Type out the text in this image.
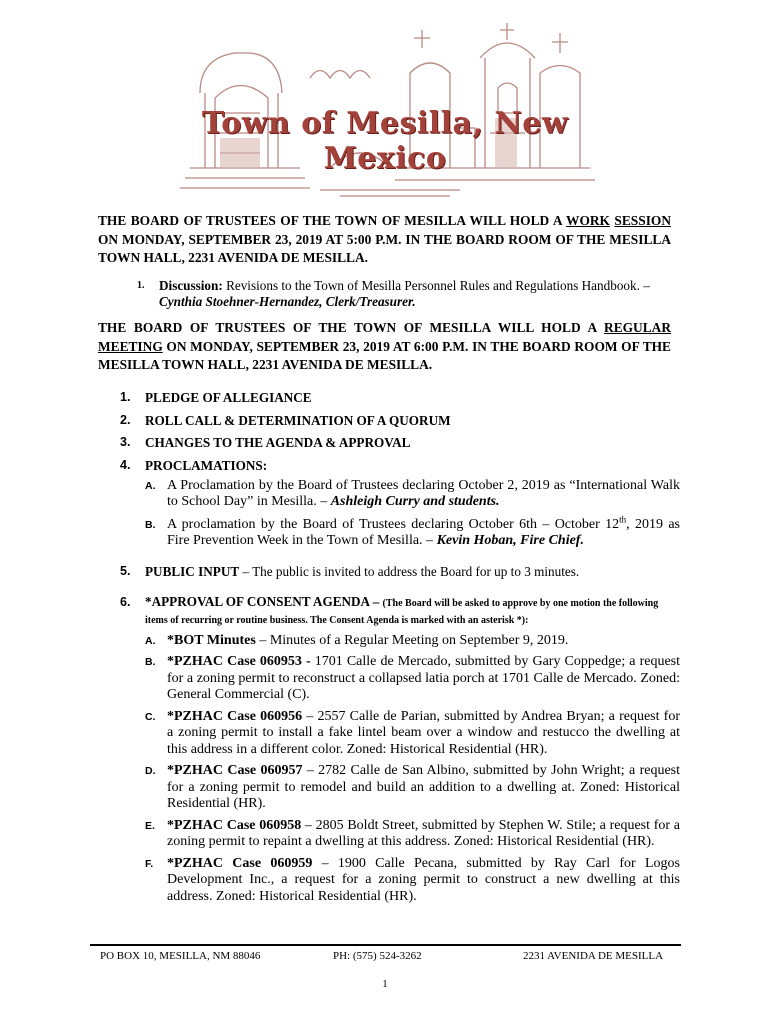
Town of Mesilla, New Mexico
THE BOARD OF TRUSTEES OF THE TOWN OF MESILLA WILL HOLD A WORK SESSION ON MONDAY, SEPTEMBER 23, 2019 AT 5:00 P.M. IN THE BOARD ROOM OF THE MESILLA TOWN HALL, 2231 AVENIDA DE MESILLA.
1. Discussion: Revisions to the Town of Mesilla Personnel Rules and Regulations Handbook. – Cynthia Stoehner-Hernandez, Clerk/Treasurer.
THE BOARD OF TRUSTEES OF THE TOWN OF MESILLA WILL HOLD A REGULAR MEETING ON MONDAY, SEPTEMBER 23, 2019 AT 6:00 P.M. IN THE BOARD ROOM OF THE MESILLA TOWN HALL, 2231 AVENIDA DE MESILLA.
1. PLEDGE OF ALLEGIANCE
2. ROLL CALL & DETERMINATION OF A QUORUM
3. CHANGES TO THE AGENDA & APPROVAL
4. PROCLAMATIONS:
A. A Proclamation by the Board of Trustees declaring October 2, 2019 as “International Walk to School Day” in Mesilla. – Ashleigh Curry and students.
B. A proclamation by the Board of Trustees declaring October 6th – October 12th, 2019 as Fire Prevention Week in the Town of Mesilla. – Kevin Hoban, Fire Chief.
5. PUBLIC INPUT – The public is invited to address the Board for up to 3 minutes.
6. *APPROVAL OF CONSENT AGENDA – (The Board will be asked to approve by one motion the following items of recurring or routine business. The Consent Agenda is marked with an asterisk *):
A. *BOT Minutes – Minutes of a Regular Meeting on September 9, 2019.
B. *PZHAC Case 060953 - 1701 Calle de Mercado, submitted by Gary Coppedge; a request for a zoning permit to reconstruct a collapsed latia porch at 1701 Calle de Mercado. Zoned: General Commercial (C).
C. *PZHAC Case 060956 – 2557 Calle de Parian, submitted by Andrea Bryan; a request for a zoning permit to install a fake lintel beam over a window and restucco the dwelling at this address in a different color. Zoned: Historical Residential (HR).
D. *PZHAC Case 060957 – 2782 Calle de San Albino, submitted by John Wright; a request for a zoning permit to remodel and build an addition to a dwelling at. Zoned: Historical Residential (HR).
E. *PZHAC Case 060958 – 2805 Boldt Street, submitted by Stephen W. Stile; a request for a zoning permit to repaint a dwelling at this address. Zoned: Historical Residential (HR).
F. *PZHAC Case 060959 – 1900 Calle Pecana, submitted by Ray Carl for Logos Development Inc., a request for a zoning permit to construct a new dwelling at this address. Zoned: Historical Residential (HR).
PO BOX 10, MESILLA, NM 88046	PH: (575) 524-3262	2231 AVENIDA DE MESILLA
1
